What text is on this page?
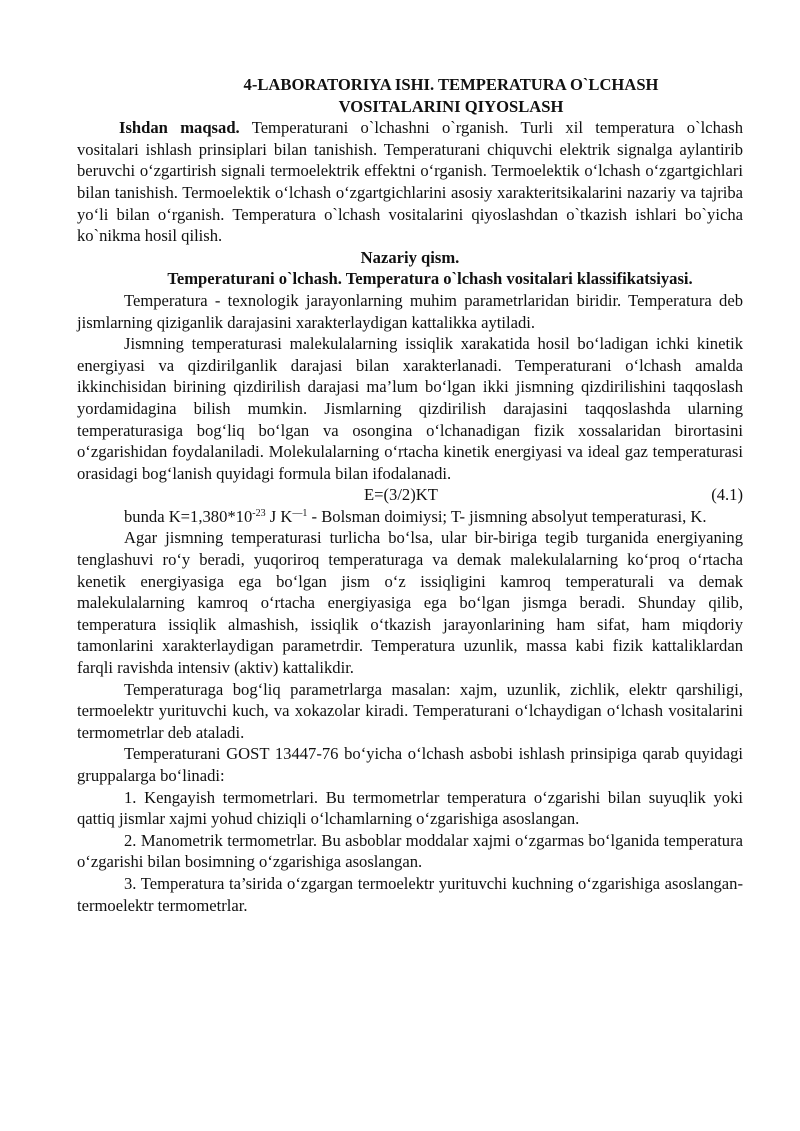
4-LABORATORIYA ISHI. TEMPERATURA O`LCHASH
VOSITALARINI QIYOSLASH

Ishdan maqsad. Temperaturani o`lchashni o`rganish. Turli xil temperatura o`lchash vositalari ishlash prinsiplari bilan tanishish. Temperaturani chiquvchi elektrik signalga aylantirib beruvchi o‘zgartirish signali termoelektrik effektni o‘rganish. Termoelektik o‘lchash o‘zgartgichlari bilan tanishish. Termoelektik o‘lchash o‘zgartgichlarini asosiy xarakteritsikalarini nazariy va tajriba yo‘li bilan o‘rganish. Temperatura o`lchash vositalarini qiyoslashdan o`tkazish ishlari bo`yicha ko`nikma hosil qilish.

Nazariy qism.
Temperaturani o`lchash. Temperatura o`lchash vositalari klassifikatsiyasi.

Temperatura - texnologik jarayonlarning muhim parametrlaridan biridir. Temperatura deb jismlarning qiziganlik darajasini xarakterlaydigan kattalikka aytiladi.

Jismning temperaturasi malekulalarning issiqlik xarakatida hosil bo‘ladigan ichki kinetik energiyasi va qizdirilganlik darajasi bilan xarakterlanadi. Temperaturani o‘lchash amalda ikkinchisidan birining qizdirilish darajasi ma’lum bo‘lgan ikki jismning qizdirilishini taqqoslash yordamidagina bilish mumkin. Jismlarning qizdirilish darajasini taqqoslashda ularning temperaturasiga bog‘liq bo‘lgan va osongina o‘lchanadigan fizik xossalaridan birortasini o‘zgarishidan foydalaniladi. Molekulalarning o‘rtacha kinetik energiyasi va ideal gaz temperaturasi orasidagi bog‘lanish quyidagi formula bilan ifodalanadi.

E=(3/2)KT	(4.1)

bunda $K=1,380*10^{-23}$ J $K^{—1}$ - Bolsman doimiysi; T- jismning absolyut temperaturasi, K.

Agar jismning temperaturasi turlicha bo‘lsa, ular bir-biriga tegib turganida energiyaning tenglashuvi ro‘y beradi, yuqoriroq temperaturaga va demak malekulalarning ko‘proq o‘rtacha kenetik energiyasiga ega bo‘lgan jism o‘z issiqligini kamroq temperaturali va demak malekulalarning kamroq o‘rtacha energiyasiga ega bo‘lgan jismga beradi. Shunday qilib, temperatura issiqlik almashish, issiqlik o‘tkazish jarayonlarining ham sifat, ham miqdoriy tamonlarini xarakterlaydigan parametrdir. Temperatura uzunlik, massa kabi fizik kattaliklardan farqli ravishda intensiv (aktiv) kattalikdir.

Temperaturaga bog‘liq parametrlarga masalan: xajm, uzunlik, zichlik, elektr qarshiligi, termoelektr yurituvchi kuch, va xokazolar kiradi. Temperaturani o‘lchaydigan o‘lchash vositalarini termometrlar deb ataladi.

Temperaturani GOST 13447-76 bo‘yicha o‘lchash asbobi ishlash prinsipiga qarab quyidagi gruppalarga bo‘linadi:

1. Kengayish termometrlari. Bu termometrlar temperatura o‘zgarishi bilan suyuqlik yoki qattiq jismlar xajmi yohud chiziqli o‘lchamlarning o‘zgarishiga asoslangan.

2. Manometrik termometrlar. Bu asboblar moddalar xajmi o‘zgarmas bo‘lganida temperatura o‘zgarishi bilan bosimning o‘zgarishiga asoslangan.

3. Temperatura ta’sirida o‘zgargan termoelektr yurituvchi kuchning o‘zgarishiga asoslangan-termoelektr termometrlar.
